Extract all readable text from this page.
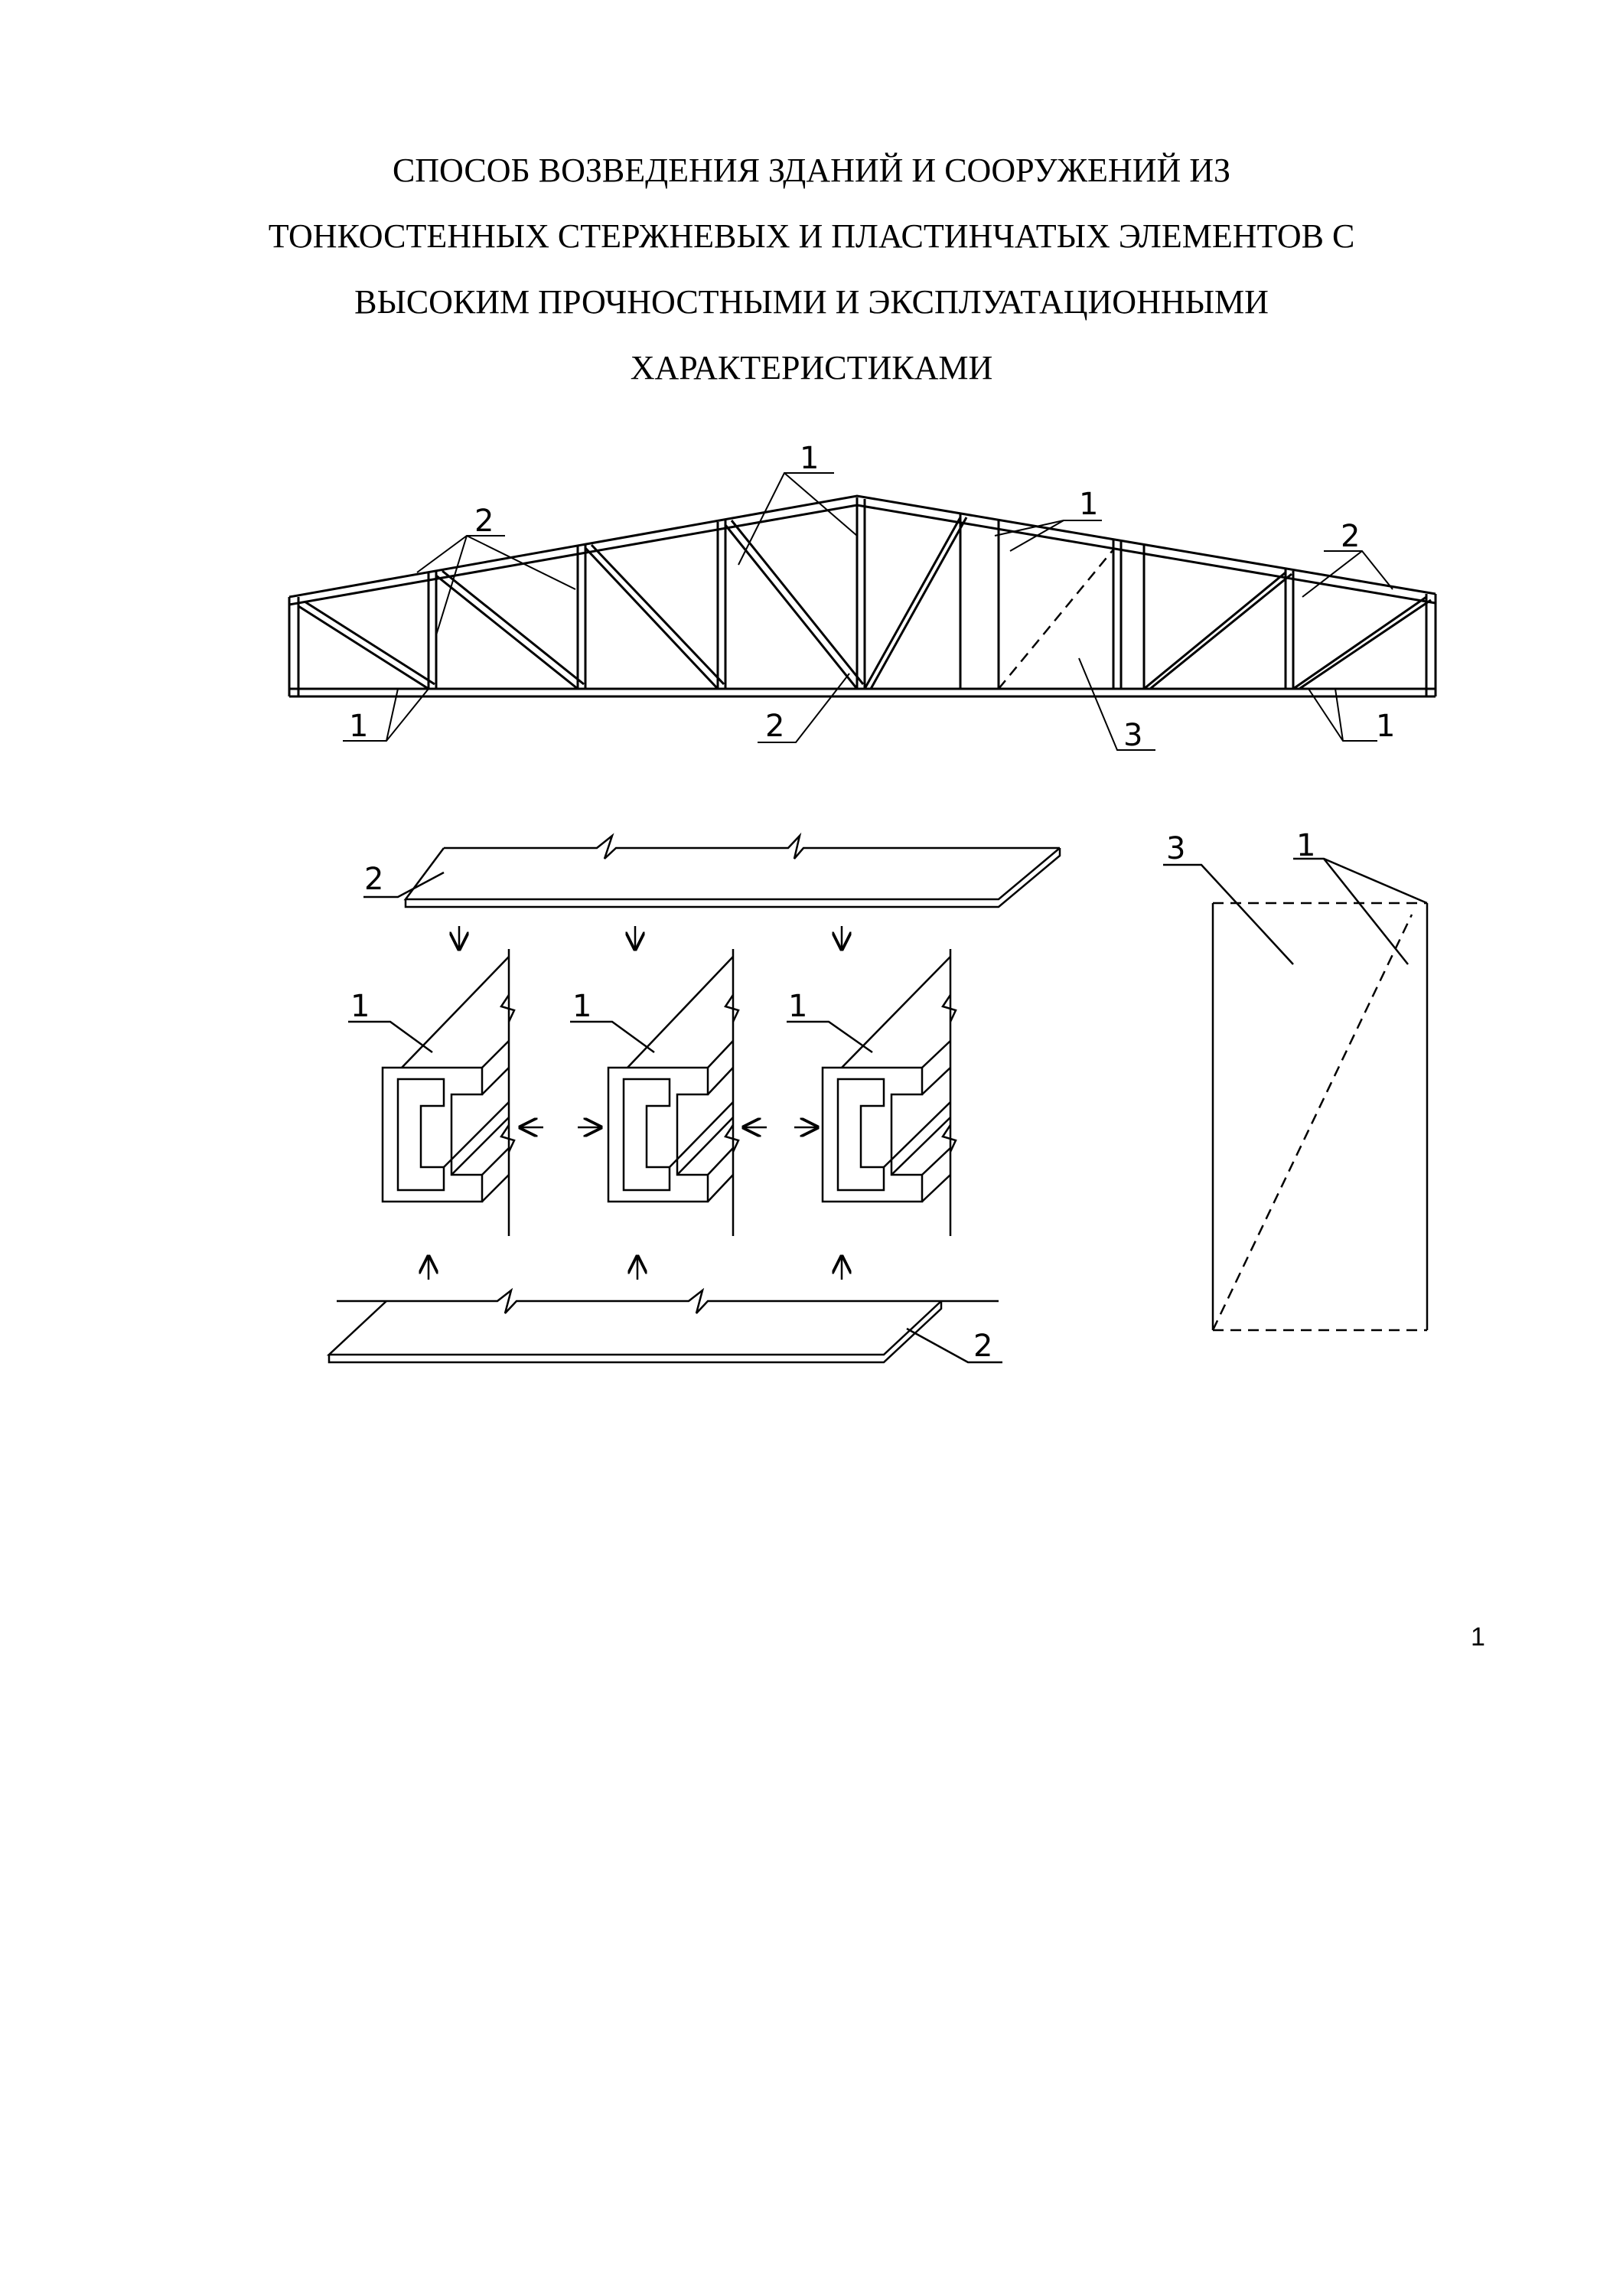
СПОСОБ ВОЗВЕДЕНИЯ ЗДАНИЙ И СООРУЖЕНИЙ ИЗ
ТОНКОСТЕННЫХ СТЕРЖНЕВЫХ И ПЛАСТИНЧАТЫХ ЭЛЕМЕНТОВ С
ВЫСОКИМ ПРОЧНОСТНЫМИ И ЭКСПЛУАТАЦИОННЫМИ
ХАРАКТЕРИСТИКАМИ
1
1
2	2
1	2	3	1
2
1	1	1
2
3	1
1
